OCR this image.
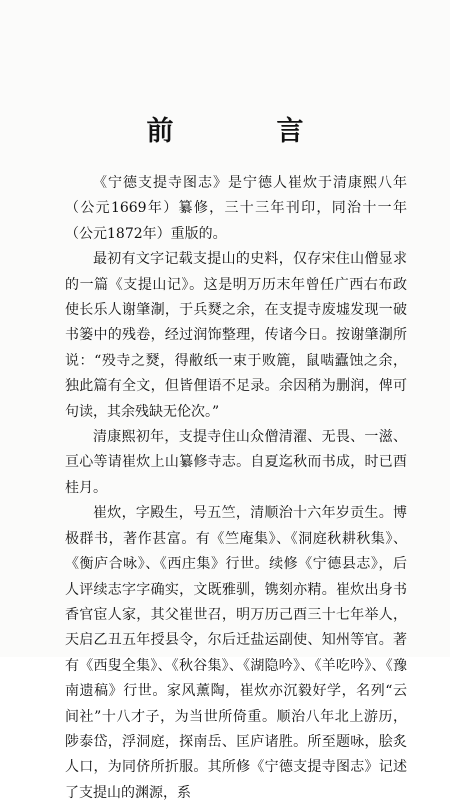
前　言

《宁德支提寺图志》是宁德人崔炊于清康熙八年（公元1669年）纂修，三十三年刊印，同治十一年（公元1872年）重版的。

最初有文字记载支提山的史料，仅存宋住山僧显求的一篇《支提山记》。这是明万历末年曾任广西右布政使长乐人谢肇淛，于兵燹之余，在支提寺废墟发现一破书篓中的残卷，经过润饰整理，传诸今日。按谢肇淛所说：“殁寺之燹，得敝纸一束于败簏，鼠啮蠹蚀之余，独此篇有全文，但皆俚语不足录。余因稍为删润，俾可句读，其余残缺无伦次。”

清康熙初年，支提寺住山众僧清濯、无畏、一滋、亘心等请崔炊上山纂修寺志。自夏迄秋而书成，时已酉桂月。

崔炊，字殿生，号五竺，清顺治十六年岁贡生。博极群书，著作甚富。有《竺庵集》、《洞庭秋耕秋集》、《衡庐合咏》、《西庄集》行世。续修《宁德县志》，后人评续志字字确实，文既雅驯，镌刻亦精。崔炊出身书香官宦人家，其父崔世召，明万历己酉三十七年举人，天启乙丑五年授县令，尔后迁盐运副使、知州等官。著有《西叟全集》、《秋谷集》、《湖隐吟》、《羊吃吟》、《豫南遗稿》行世。家风薰陶，崔炊亦沉毅好学，名列“云间社”十八才子，为当世所倚重。顺治八年北上游历，陟泰岱，浮洞庭，探南岳、匡庐诸胜。所至题咏，脍炙人口，为同侪所折服。其所修《宁德支提寺图志》记述了支提山的渊源，系
